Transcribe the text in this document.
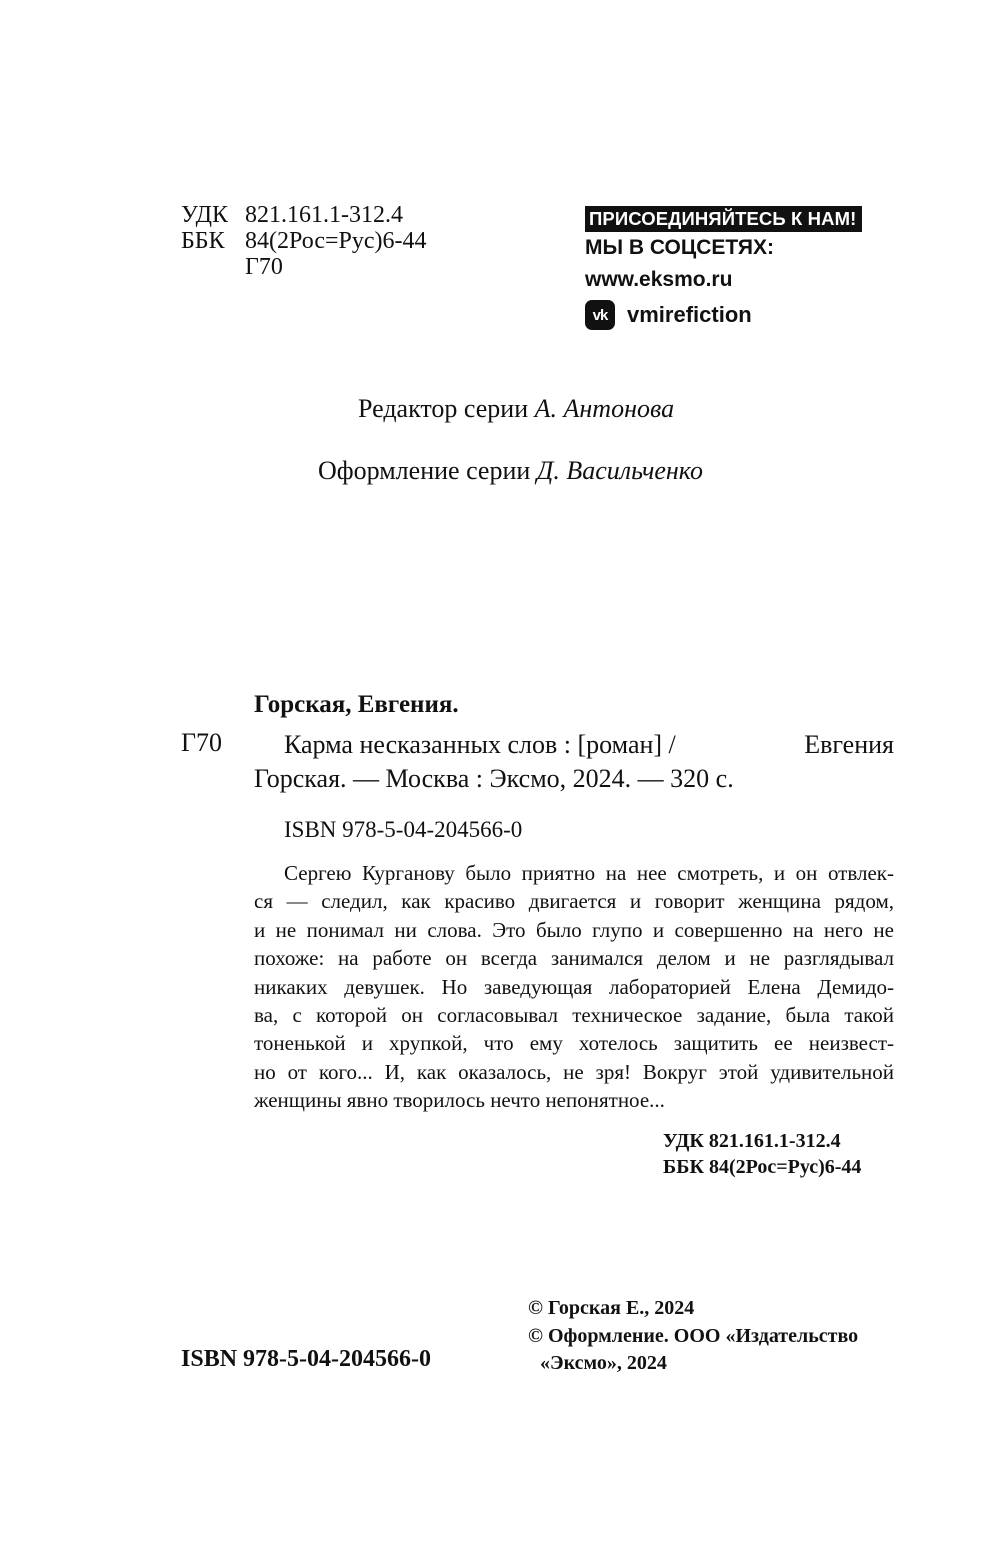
УДК 821.161.1-312.4
ББК 84(2Рос=Рус)6-44
Г70
ПРИСОЕДИНЯЙТЕСЬ К НАМ!
МЫ В СОЦСЕТЯХ:
www.eksmo.ru
vk vmirefiction
Редактор серии А. Антонова
Оформление серии Д. Васильченко
Горская, Евгения.
Г70	Карма несказанных слов : [роман] /	Евгения
Горская. — Москва : Эксмо, 2024. — 320 с.
ISBN 978-5-04-204566-0
Сергею Курганову было приятно на нее смотреть, и он отвлек-
ся — следил, как красиво двигается и говорит женщина рядом,
и не понимал ни слова. Это было глупо и совершенно на него не
похоже: на работе он всегда занимался делом и не разглядывал
никаких девушек. Но заведующая лабораторией Елена Демидо-
ва, с которой он согласовывал техническое задание, была такой
тоненькой и хрупкой, что ему хотелось защитить ее неизвест-
но от кого... И, как оказалось, не зря! Вокруг этой удивительной
женщины явно творилось нечто непонятное...
УДК 821.161.1-312.4
ББК 84(2Рос=Рус)6-44
© Горская Е., 2024
© Оформление. ООО «Издательство
«Эксмо», 2024
ISBN 978-5-04-204566-0
